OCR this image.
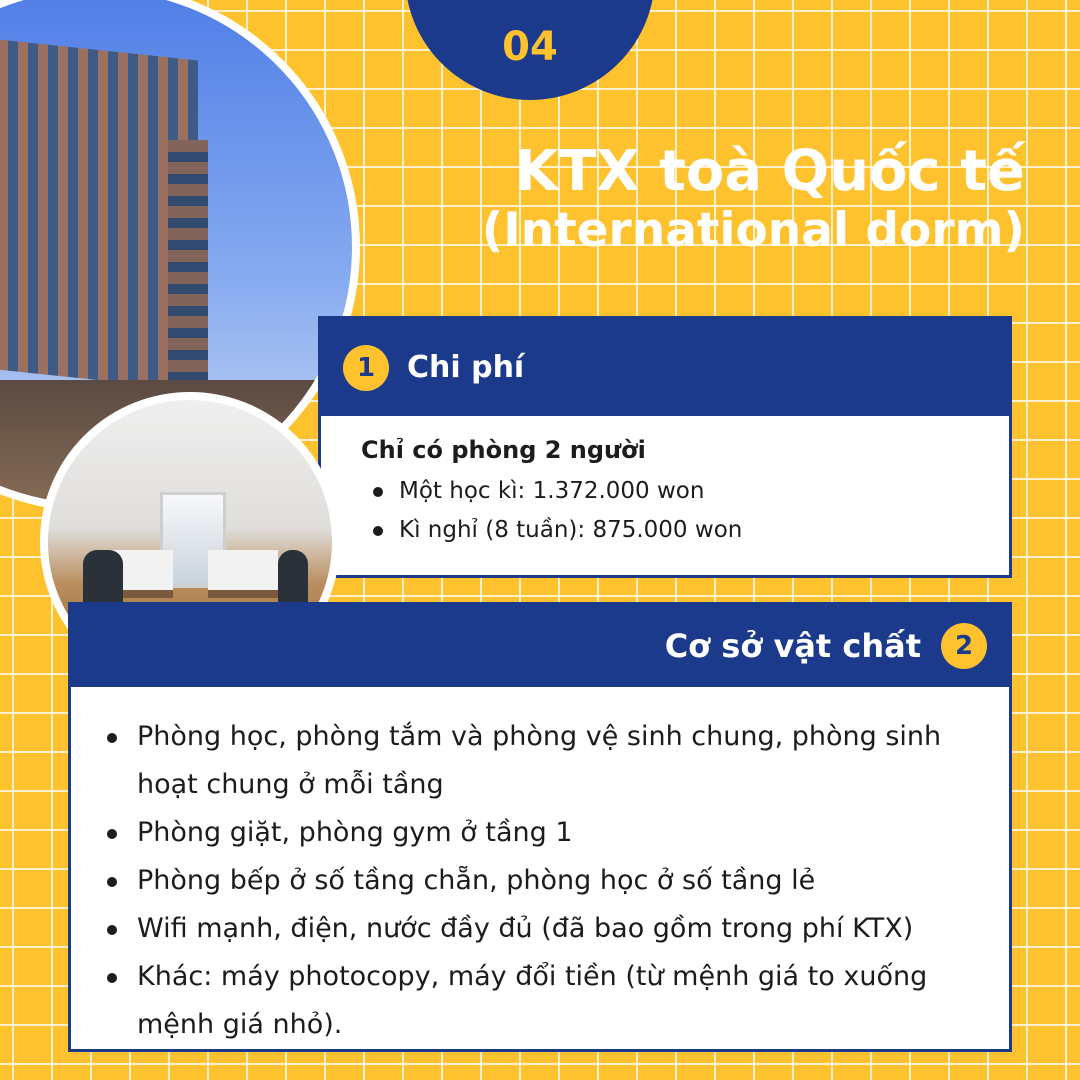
04
KTX toà Quốc tế
(International dorm)
1	Chi phí
Chỉ có phòng 2 người
Một học kì: 1.372.000 won
Kì nghỉ (8 tuần): 875.000 won
Cơ sở vật chất	2
Phòng học, phòng tắm và phòng vệ sinh chung, phòng sinh hoạt chung ở mỗi tầng
Phòng giặt, phòng gym ở tầng 1
Phòng bếp ở số tầng chẵn, phòng học ở số tầng lẻ
Wifi mạnh, điện, nước đầy đủ (đã bao gồm trong phí KTX)
Khác: máy photocopy, máy đổi tiền (từ mệnh giá to xuống mệnh giá nhỏ).
